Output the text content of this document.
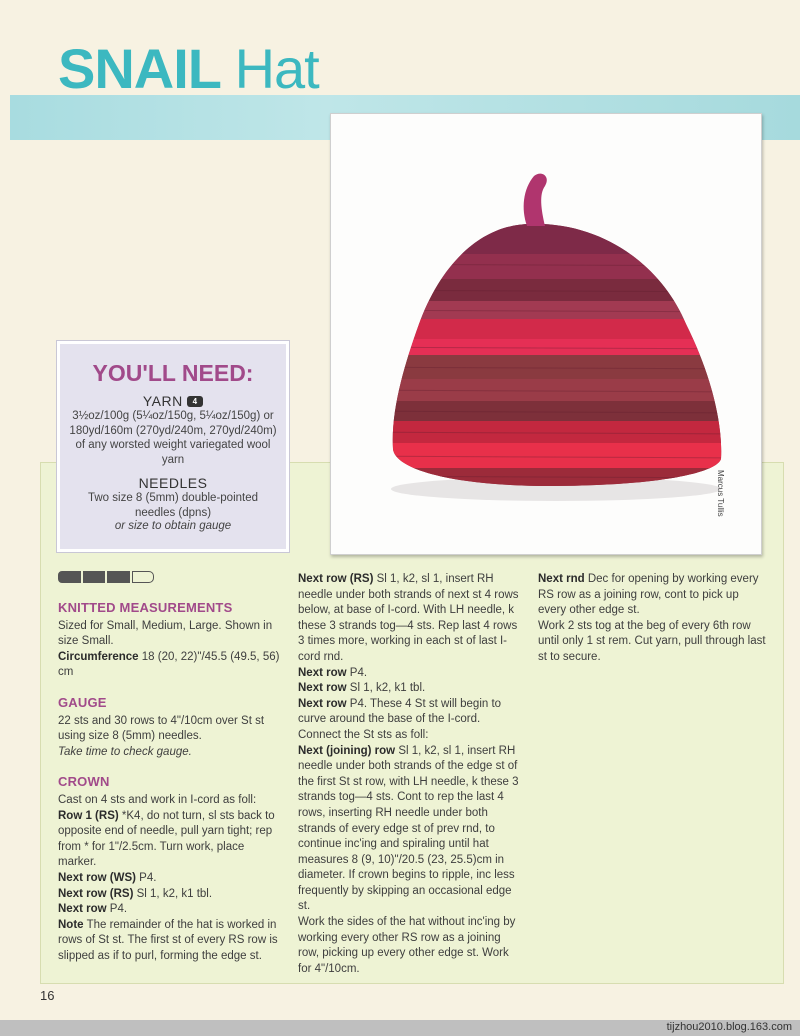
SNAIL Hat
Marcus Tullis
YOU'LL NEED:
YARN 4
3½oz/100g (5¼oz/150g, 5¼oz/150g) or 180yd/160m (270yd/240m, 270yd/240m) of any worsted weight variegated wool yarn
NEEDLES
Two size 8 (5mm) double-pointed needles (dpns)
or size to obtain gauge

KNITTED MEASUREMENTS

Sized for Small, Medium, Large. Shown in size Small.

Circumference 18 (20, 22)"/45.5 (49.5, 56) cm

GAUGE

22 sts and 30 rows to 4"/10cm over St st using size 8 (5mm) needles.

Take time to check gauge.

CROWN

Cast on 4 sts and work in I-cord as foll:

Row 1 (RS) *K4, do not turn, sl sts back to opposite end of needle, pull yarn tight; rep from * for 1"/2.5cm. Turn work, place marker.

Next row (WS) P4.

Next row (RS) Sl 1, k2, k1 tbl.

Next row P4.

Note The remainder of the hat is worked in rows of St st. The first st of every RS row is slipped as if to purl, forming the edge st.

Next row (RS) Sl 1, k2, sl 1, insert RH needle under both strands of next st 4 rows below, at base of I-cord. With LH needle, k these 3 strands tog—4 sts. Rep last 4 rows 3 times more, working in each st of last I-cord rnd.

Next row P4.

Next row Sl 1, k2, k1 tbl.

Next row P4. These 4 St st will begin to curve around the base of the I-cord.

Connect the St sts as foll:

Next (joining) row Sl 1, k2, sl 1, insert RH needle under both strands of the edge st of the first St st row, with LH needle, k these 3 strands tog—4 sts. Cont to rep the last 4 rows, inserting RH needle under both strands of every edge st of prev rnd, to continue inc'ing and spiraling until hat measures 8 (9, 10)"/20.5 (23, 25.5)cm in diameter. If crown begins to ripple, inc less frequently by skipping an occasional edge st.

Work the sides of the hat without inc'ing by working every other RS row as a joining row, picking up every other edge st. Work for 4"/10cm.

Next rnd Dec for opening by working every RS row as a joining row, cont to pick up every other edge st.

Work 2 sts tog at the beg of every 6th row until only 1 st rem. Cut yarn, pull through last st to secure.

16
tijzhou2010.blog.163.com
